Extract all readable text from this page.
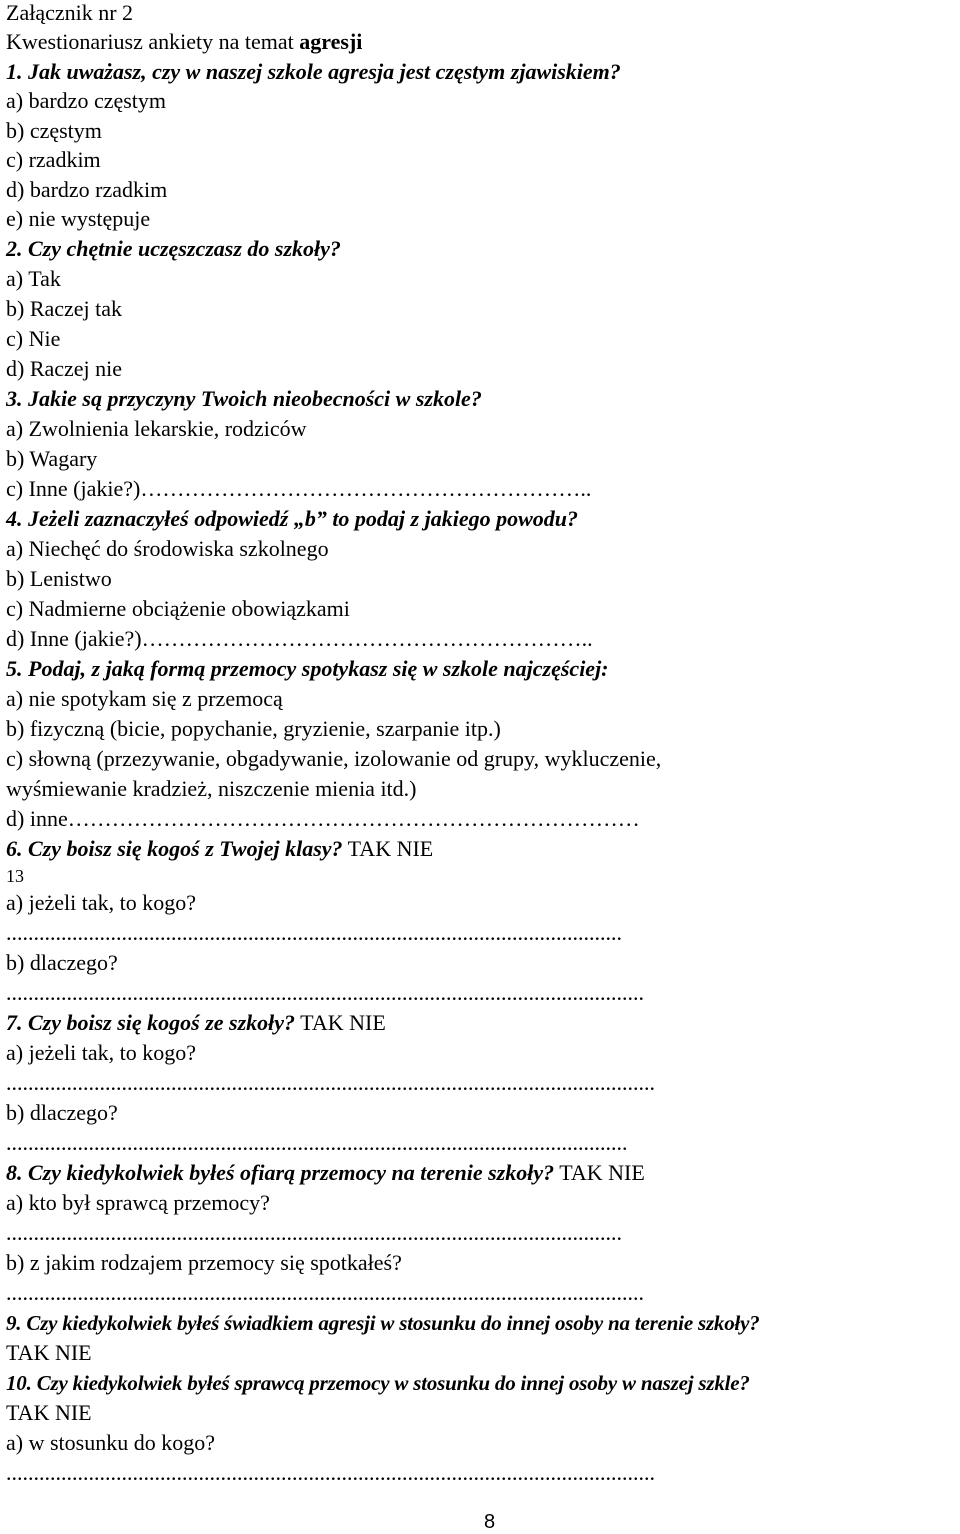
Załącznik nr 2
Kwestionariusz ankiety na temat agresji
1. Jak uważasz, czy w naszej szkole agresja jest częstym zjawiskiem?
a) bardzo częstym
b) częstym
c) rzadkim
d) bardzo rzadkim
e) nie występuje
2. Czy chętnie uczęszczasz do szkoły?
a) Tak
b) Raczej tak
c) Nie
d) Raczej nie
3. Jakie są przyczyny Twoich nieobecności w szkole?
a) Zwolnienia lekarskie, rodziców
b) Wagary
c) Inne (jakie?)……………………………………………………..
4. Jeżeli zaznaczyłeś odpowiedź „b” to podaj z jakiego powodu?
a) Niechęć do środowiska szkolnego
b) Lenistwo
c) Nadmierne obciążenie obowiązkami
d) Inne (jakie?)……………………………………………………..
5. Podaj, z jaką formą przemocy spotykasz się w szkole najczęściej:
a) nie spotykam się z przemocą
b) fizyczną (bicie, popychanie, gryzienie, szarpanie itp.)
c) słowną (przezywanie, obgadywanie, izolowanie od grupy, wykluczenie,
wyśmiewanie kradzież, niszczenie mienia itd.)
d) inne……………………………………………………………………
6. Czy boisz się kogoś z Twojej klasy? TAK NIE
13
a) jeżeli tak, to kogo?
................................................................................................................
b) dlaczego?
....................................................................................................................
7. Czy boisz się kogoś ze szkoły? TAK NIE
a) jeżeli tak, to kogo?
......................................................................................................................
b) dlaczego?
.................................................................................................................
8. Czy kiedykolwiek byłeś ofiarą przemocy na terenie szkoły? TAK NIE
a) kto był sprawcą przemocy?
................................................................................................................
b) z jakim rodzajem przemocy się spotkałeś?
....................................................................................................................
9. Czy kiedykolwiek byłeś świadkiem agresji w stosunku do innej osoby na terenie szkoły?
TAK NIE
10. Czy kiedykolwiek byłeś sprawcą przemocy w stosunku do innej osoby w naszej szkle?
TAK NIE
a) w stosunku do kogo?
......................................................................................................................
8
